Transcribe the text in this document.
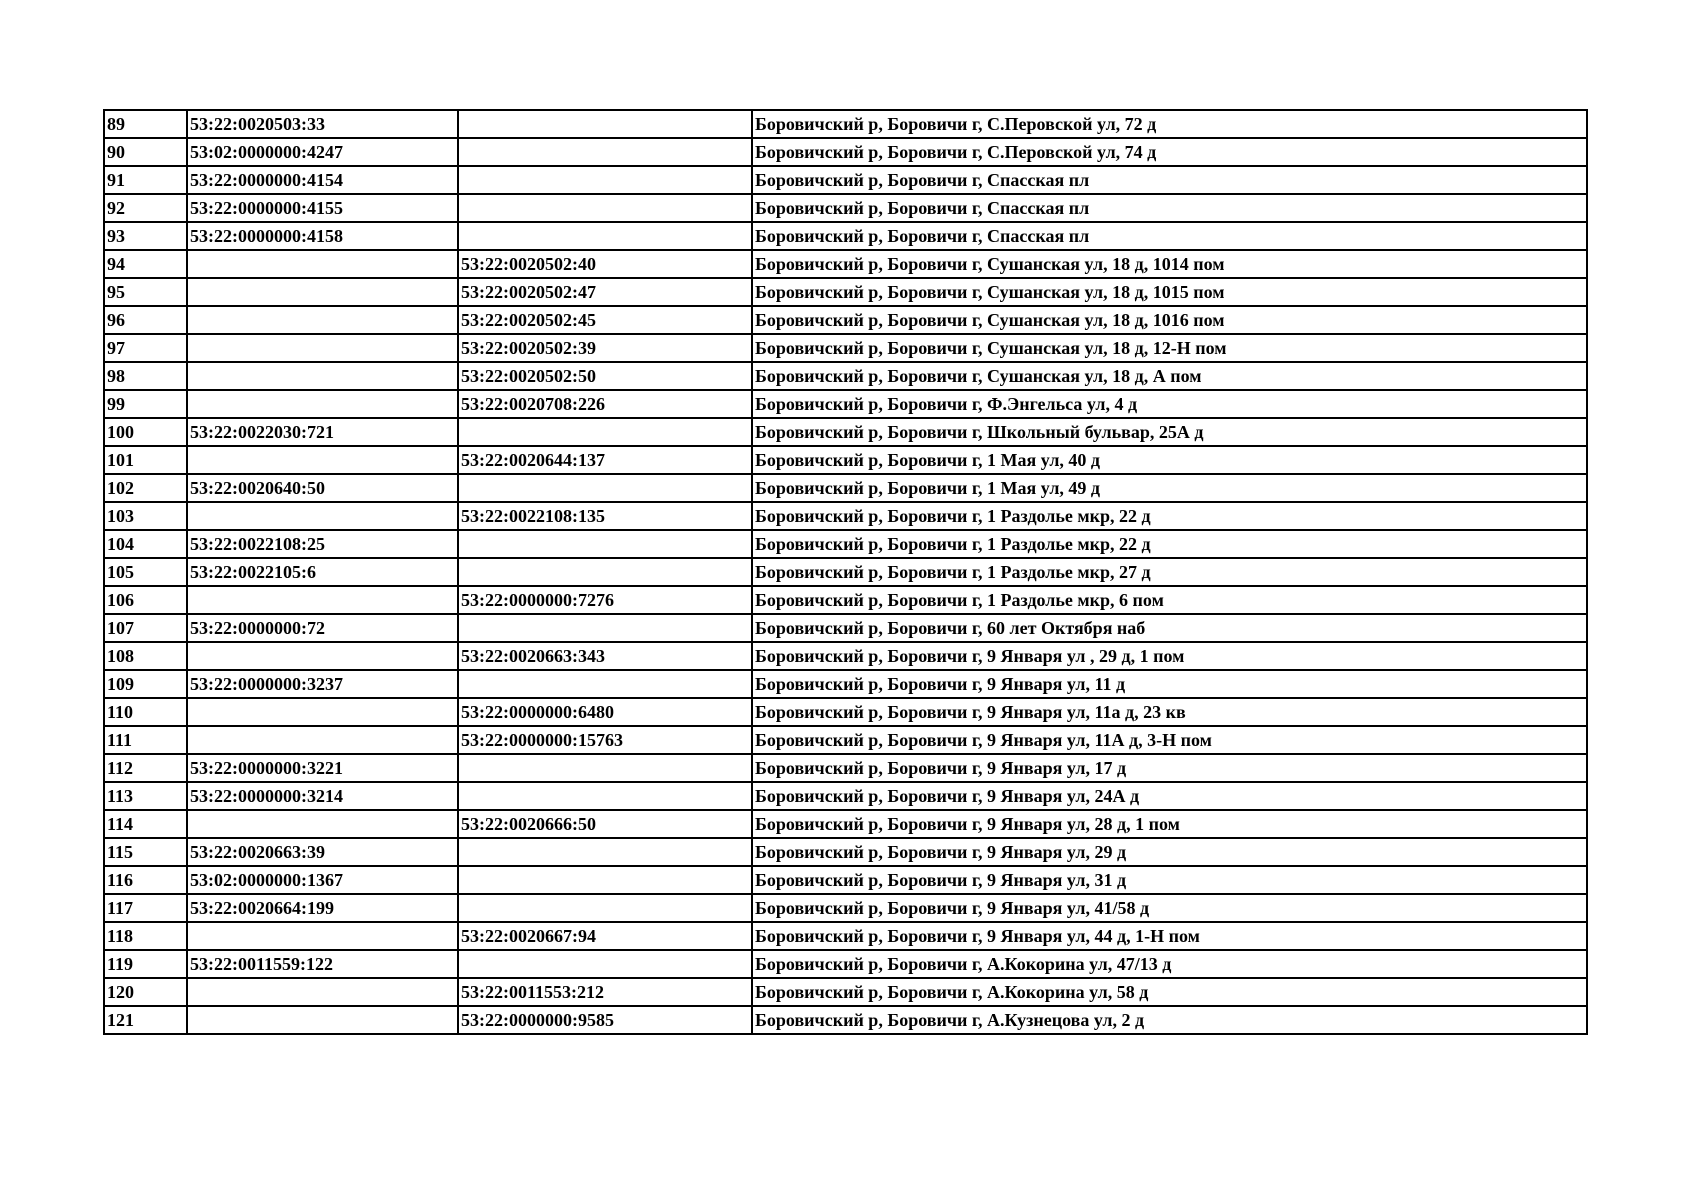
89	53:22:0020503:33		Боровичский р, Боровичи г, С.Перовской ул, 72 д
90	53:02:0000000:4247		Боровичский р, Боровичи г, С.Перовской ул, 74 д
91	53:22:0000000:4154		Боровичский р, Боровичи г, Спасская пл
92	53:22:0000000:4155		Боровичский р, Боровичи г, Спасская пл
93	53:22:0000000:4158		Боровичский р, Боровичи г, Спасская пл
94		53:22:0020502:40	Боровичский р, Боровичи г, Сушанская ул, 18 д, 1014 пом
95		53:22:0020502:47	Боровичский р, Боровичи г, Сушанская ул, 18 д, 1015 пом
96		53:22:0020502:45	Боровичский р, Боровичи г, Сушанская ул, 18 д, 1016 пом
97		53:22:0020502:39	Боровичский р, Боровичи г, Сушанская ул, 18 д, 12-Н пом
98		53:22:0020502:50	Боровичский р, Боровичи г, Сушанская ул, 18 д, А пом
99		53:22:0020708:226	Боровичский р, Боровичи г, Ф.Энгельса ул, 4 д
100	53:22:0022030:721		Боровичский р, Боровичи г, Школьный бульвар, 25А д
101		53:22:0020644:137	Боровичский р, Боровичи г, 1 Мая ул, 40 д
102	53:22:0020640:50		Боровичский р, Боровичи г, 1 Мая ул, 49 д
103		53:22:0022108:135	Боровичский р, Боровичи г, 1 Раздолье мкр, 22 д
104	53:22:0022108:25		Боровичский р, Боровичи г, 1 Раздолье мкр, 22 д
105	53:22:0022105:6		Боровичский р, Боровичи г, 1 Раздолье мкр, 27 д
106		53:22:0000000:7276	Боровичский р, Боровичи г, 1 Раздолье мкр, 6 пом
107	53:22:0000000:72		Боровичский р, Боровичи г, 60 лет Октября наб
108		53:22:0020663:343	Боровичский р, Боровичи г, 9 Января ул , 29 д, 1 пом
109	53:22:0000000:3237		Боровичский р, Боровичи г, 9 Января ул, 11 д
110		53:22:0000000:6480	Боровичский р, Боровичи г, 9 Января ул, 11а д, 23 кв
111		53:22:0000000:15763	Боровичский р, Боровичи г, 9 Января ул, 11А д, 3-Н пом
112	53:22:0000000:3221		Боровичский р, Боровичи г, 9 Января ул, 17 д
113	53:22:0000000:3214		Боровичский р, Боровичи г, 9 Января ул, 24А д
114		53:22:0020666:50	Боровичский р, Боровичи г, 9 Января ул, 28 д, 1 пом
115	53:22:0020663:39		Боровичский р, Боровичи г, 9 Января ул, 29 д
116	53:02:0000000:1367		Боровичский р, Боровичи г, 9 Января ул, 31 д
117	53:22:0020664:199		Боровичский р, Боровичи г, 9 Января ул, 41/58 д
118		53:22:0020667:94	Боровичский р, Боровичи г, 9 Января ул, 44 д, 1-Н пом
119	53:22:0011559:122		Боровичский р, Боровичи г, А.Кокорина ул, 47/13 д
120		53:22:0011553:212	Боровичский р, Боровичи г, А.Кокорина ул, 58 д
121		53:22:0000000:9585	Боровичский р, Боровичи г, А.Кузнецова ул, 2 д
